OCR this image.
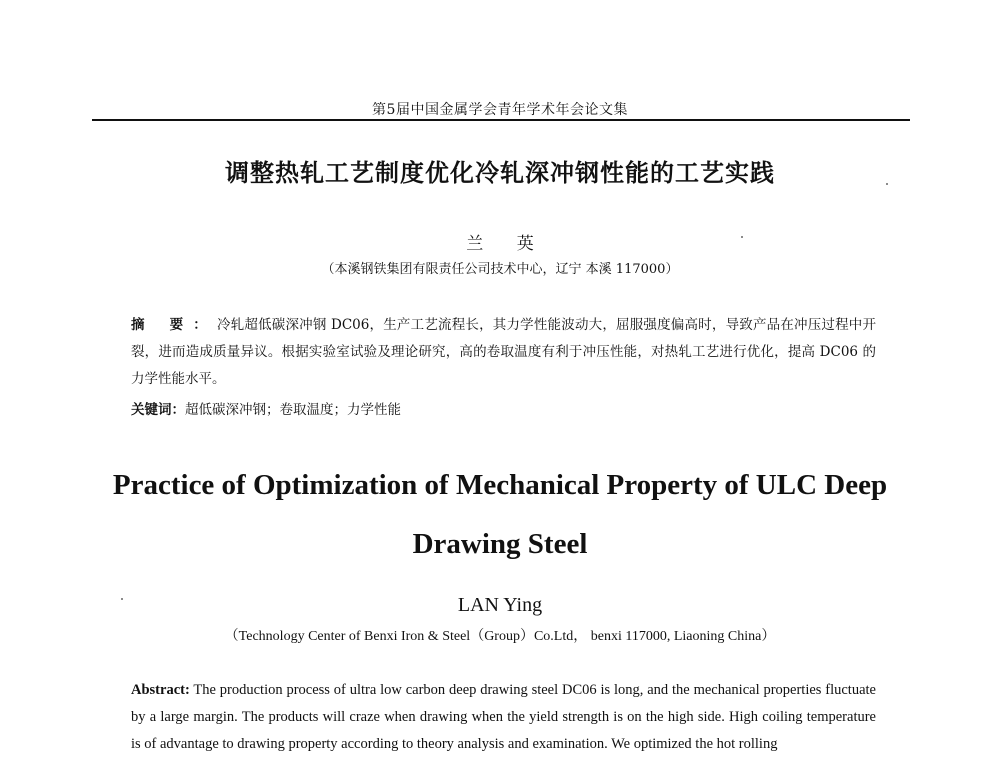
第5届中国金属学会青年学术年会论文集
调整热轧工艺制度优化冷轧深冲钢性能的工艺实践
兰 英
（本溪钢铁集团有限责任公司技术中心，辽宁 本溪 117000）
摘 要：冷轧超低碳深冲钢 DC06，生产工艺流程长，其力学性能波动大，屈服强度偏高时，导致产品在冲压过程中开裂，进而造成质量异议。根据实验室试验及理论研究，高的卷取温度有利于冲压性能，对热轧工艺进行优化，提高 DC06 的力学性能水平。
关键词：超低碳深冲钢；卷取温度；力学性能
Practice of Optimization of Mechanical Property of ULC Deep
Drawing Steel
LAN Ying
（Technology Center of Benxi Iron & Steel（Group）Co.Ltd， benxi 117000, Liaoning China）
Abstract: The production process of ultra low carbon deep drawing steel DC06 is long, and the mechanical properties fluctuate by a large margin. The products will craze when drawing when the yield strength is on the high side. High coiling temperature is of advantage to drawing property according to theory analysis and examination. We optimized the hot rolling
